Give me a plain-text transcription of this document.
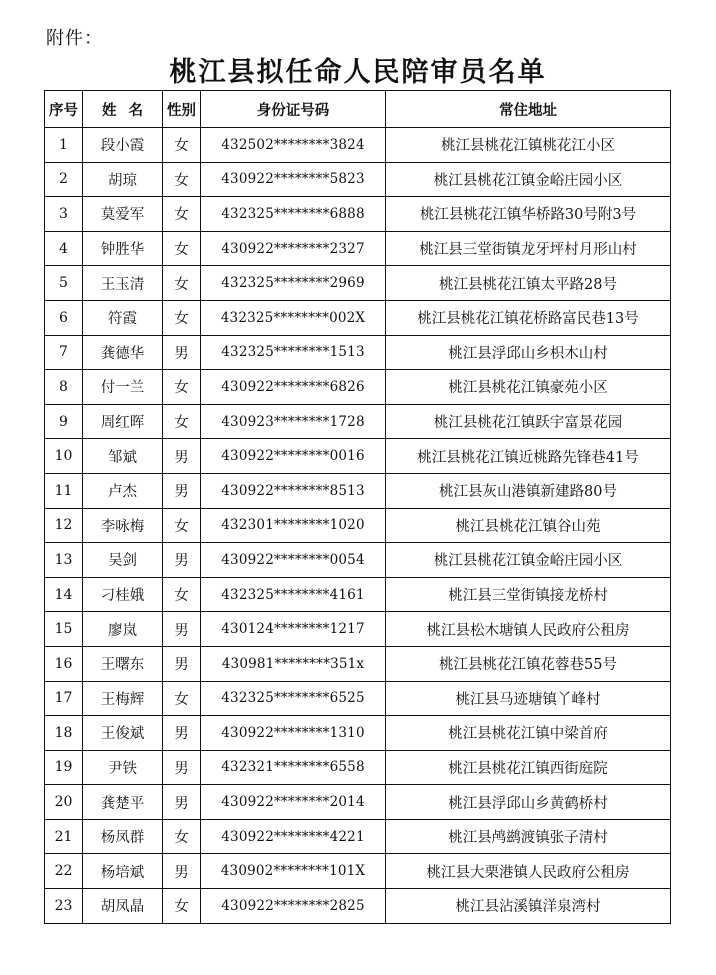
附件：
桃江县拟任命人民陪审员名单
序号	姓名	性别	身份证号码	常住地址
1	段小霞	女	432502********3824	桃江县桃花江镇桃花江小区
2	胡琼	女	430922********5823	桃江县桃花江镇金峪庄园小区
3	莫爱军	女	432325********6888	桃江县桃花江镇华桥路30号附3号
4	钟胜华	女	430922********2327	桃江县三堂街镇龙牙坪村月形山村
5	王玉清	女	432325********2969	桃江县桃花江镇太平路28号
6	符霞	女	432325********002X	桃江县桃花江镇花桥路富民巷13号
7	龚德华	男	432325********1513	桃江县浮邱山乡枳木山村
8	付一兰	女	430922********6826	桃江县桃花江镇豪苑小区
9	周红晖	女	430923********1728	桃江县桃花江镇跃宇富景花园
10	邹斌	男	430922********0016	桃江县桃花江镇近桃路先锋巷41号
11	卢杰	男	430922********8513	桃江县灰山港镇新建路80号
12	李咏梅	女	432301********1020	桃江县桃花江镇谷山苑
13	吴剑	男	430922********0054	桃江县桃花江镇金峪庄园小区
14	刁桂娥	女	432325********4161	桃江县三堂街镇接龙桥村
15	廖岚	男	430124********1217	桃江县松木塘镇人民政府公租房
16	王曙东	男	430981********351x	桃江县桃花江镇花蓉巷55号
17	王梅辉	女	432325********6525	桃江县马迹塘镇丫峰村
18	王俊斌	男	430922********1310	桃江县桃花江镇中梁首府
19	尹铁	男	432321********6558	桃江县桃花江镇西街庭院
20	龚楚平	男	430922********2014	桃江县浮邱山乡黄鹤桥村
21	杨凤群	女	430922********4221	桃江县鸬鹚渡镇张子清村
22	杨培斌	男	430902********101X	桃江县大栗港镇人民政府公租房
23	胡凤晶	女	430922********2825	桃江县沾溪镇洋泉湾村
